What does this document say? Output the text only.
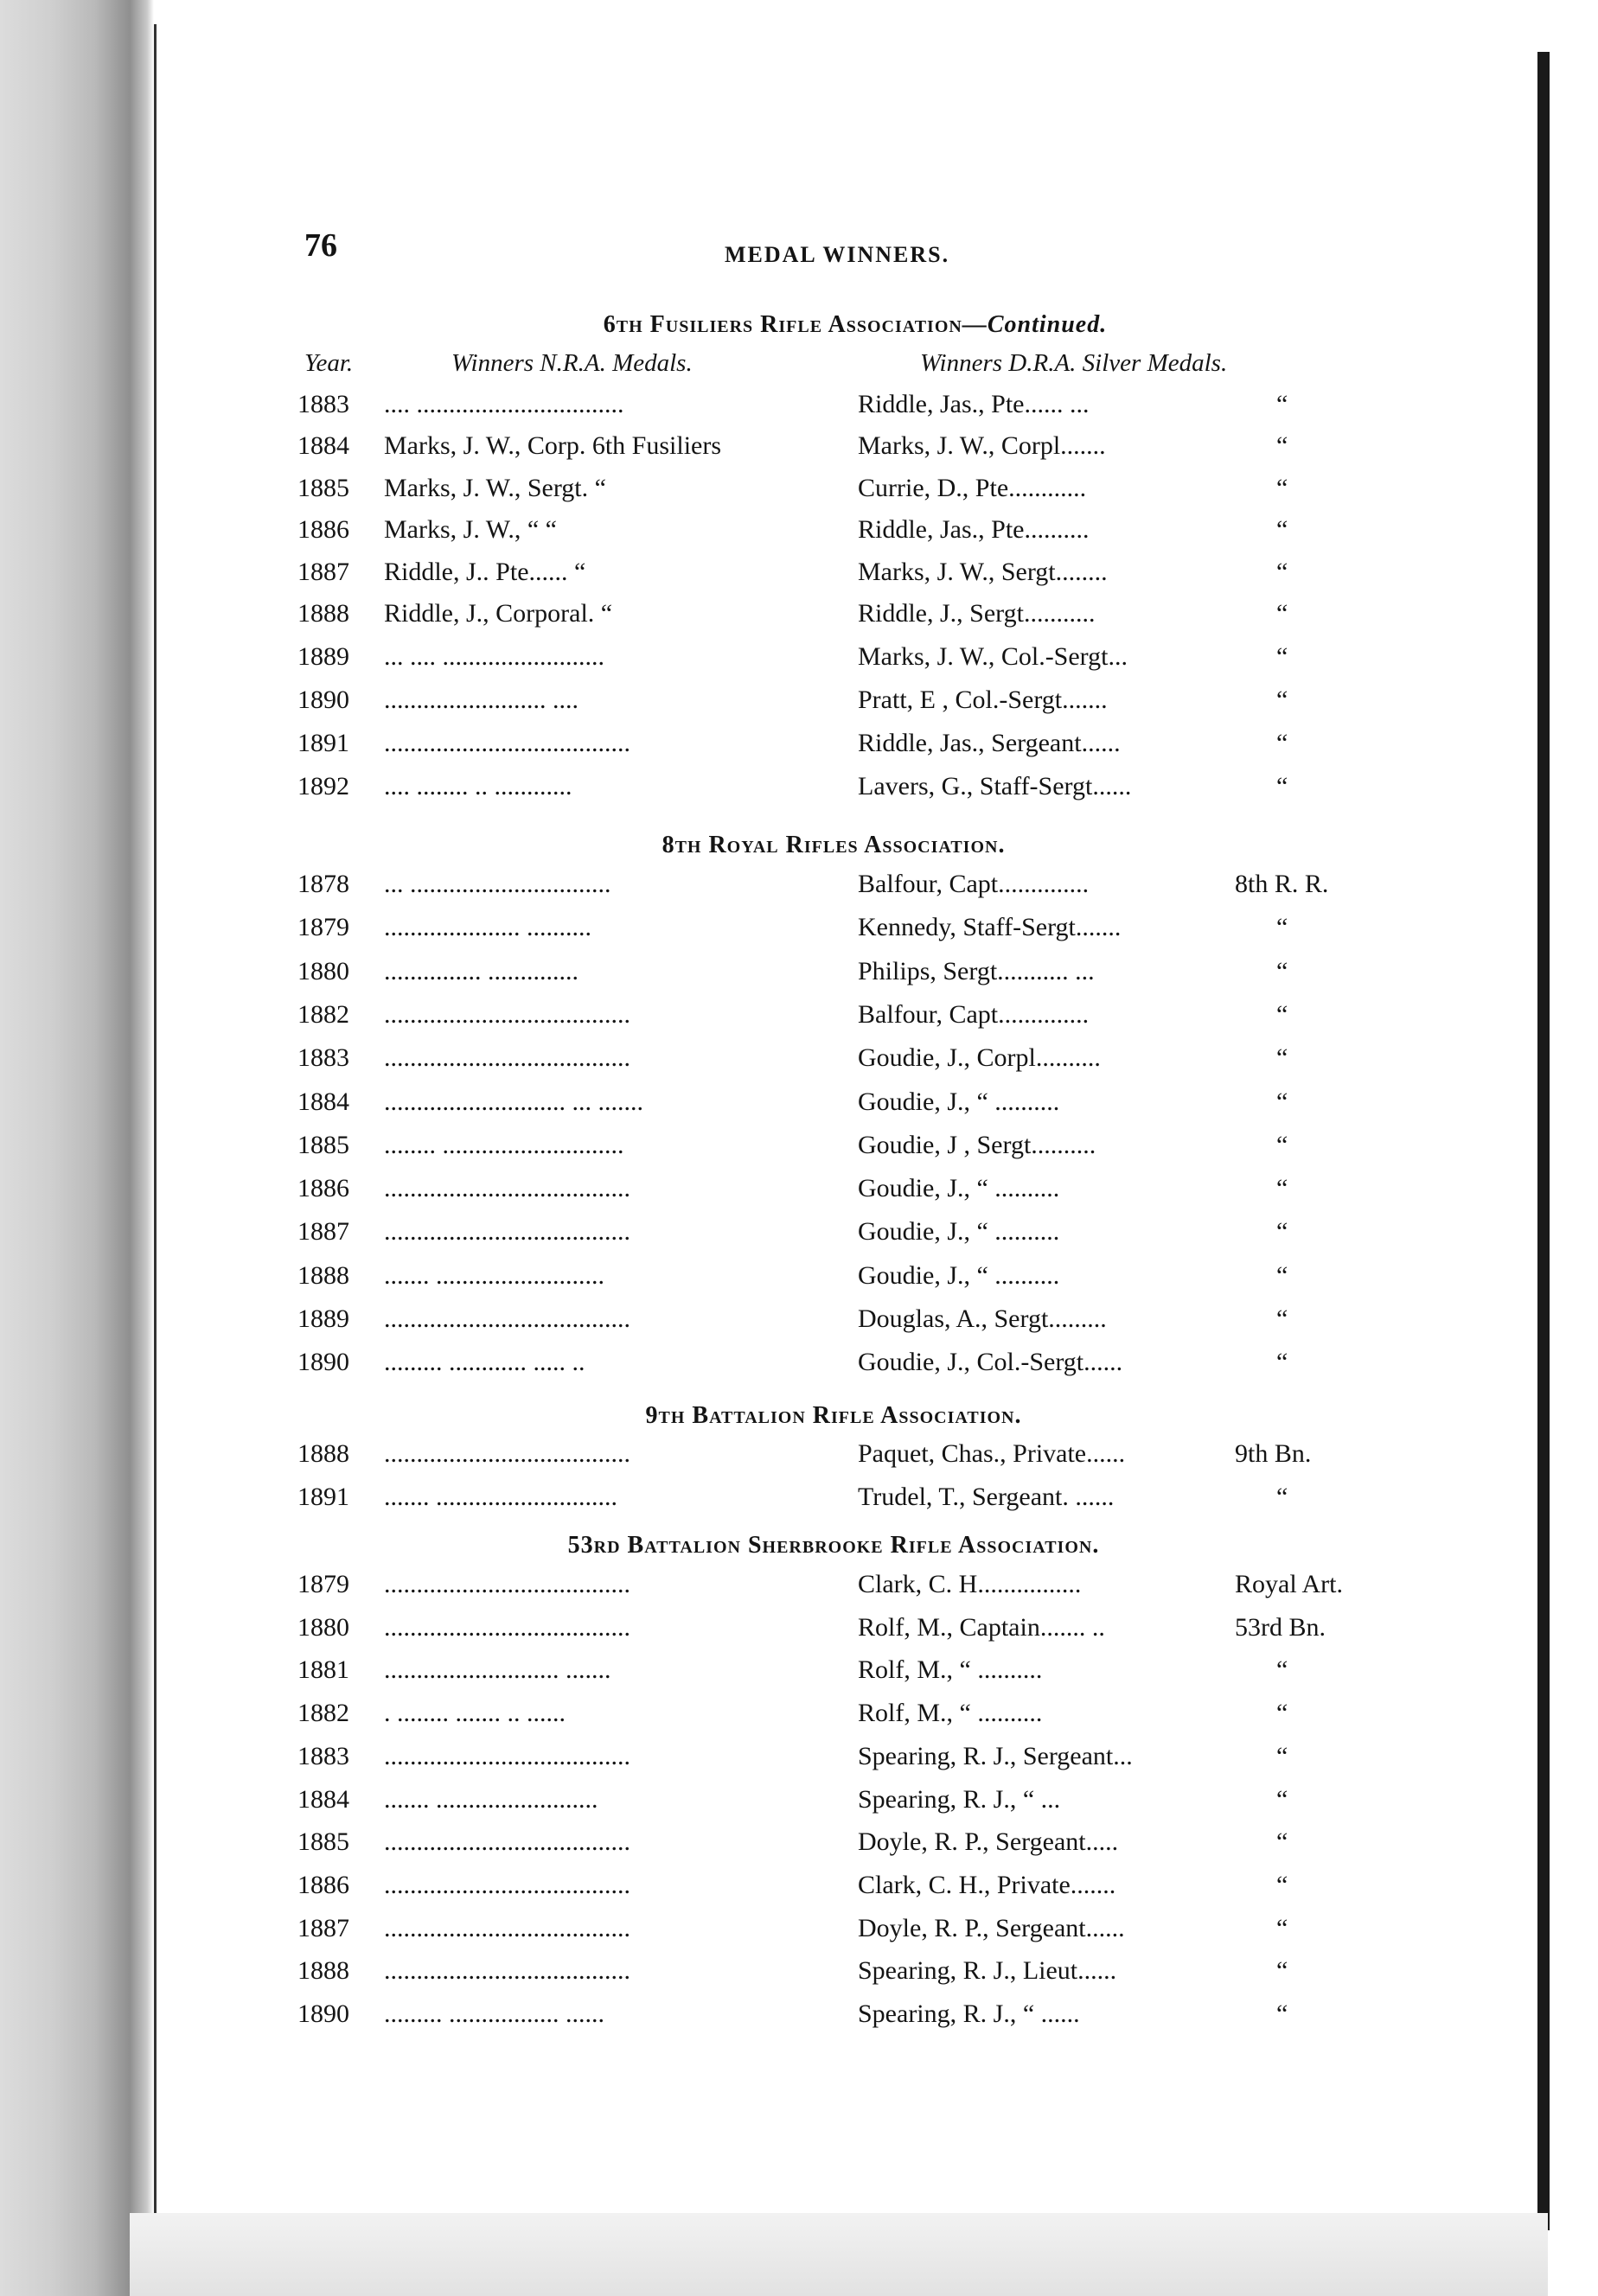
76	MEDAL WINNERS.
6th Fusiliers Rifle Association—Continued.
Year.	Winners N.R.A. Medals.	Winners D.R.A. Silver Medals.
1883	.... ................................	Riddle, Jas., Pte...... ...	“
1884	Marks, J. W., Corp. 6th Fusiliers	Marks, J. W., Corpl.......	“
1885	Marks, J. W., Sergt. “	Currie, D., Pte............	“
1886	Marks, J. W., “ “	Riddle, Jas., Pte..........	“
1887	Riddle, J.. Pte...... “	Marks, J. W., Sergt........	“
1888	Riddle, J., Corporal. “	Riddle, J., Sergt...........	“
1889	... .... .........................	Marks, J. W., Col.-Sergt...	“
1890	......................... ....	Pratt, E , Col.-Sergt.......	“
1891	......................................	Riddle, Jas., Sergeant......	“
1892	.... ........ .. ............	Lavers, G., Staff-Sergt......	“
8th Royal Rifles Association.
1878	... ...............................	Balfour, Capt..............	8th R. R.
1879	..................... ..........	Kennedy, Staff-Sergt.......	“
1880	............... ..............	Philips, Sergt........... ...	“
1882	......................................	Balfour, Capt..............	“
1883	......................................	Goudie, J., Corpl..........	“
1884	............................ ... .......	Goudie, J., “ ..........	“
1885	........ ............................	Goudie, J , Sergt..........	“
1886	......................................	Goudie, J., “ ..........	“
1887	......................................	Goudie, J., “ ..........	“
1888	....... ..........................	Goudie, J., “ ..........	“
1889	......................................	Douglas, A., Sergt.........	“
1890	......... ............ ..... ..	Goudie, J., Col.-Sergt......	“
9th Battalion Rifle Association.
1888	......................................	Paquet, Chas., Private......	9th Bn.
1891	....... ............................	Trudel, T., Sergeant. ......	“
53rd Battalion Sherbrooke Rifle Association.
1879	......................................	Clark, C. H................	Royal Art.
1880	......................................	Rolf, M., Captain....... ..	53rd Bn.
1881	........................... .......	Rolf, M., “ ..........	“
1882	. ........ ....... .. ......	Rolf, M., “ ..........	“
1883	......................................	Spearing, R. J., Sergeant...	“
1884	....... .........................	Spearing, R. J., “ ...	“
1885	......................................	Doyle, R. P., Sergeant.....	“
1886	......................................	Clark, C. H., Private.......	“
1887	......................................	Doyle, R. P., Sergeant......	“
1888	......................................	Spearing, R. J., Lieut......	“
1890	......... ................. ......	Spearing, R. J., “ ......	“
